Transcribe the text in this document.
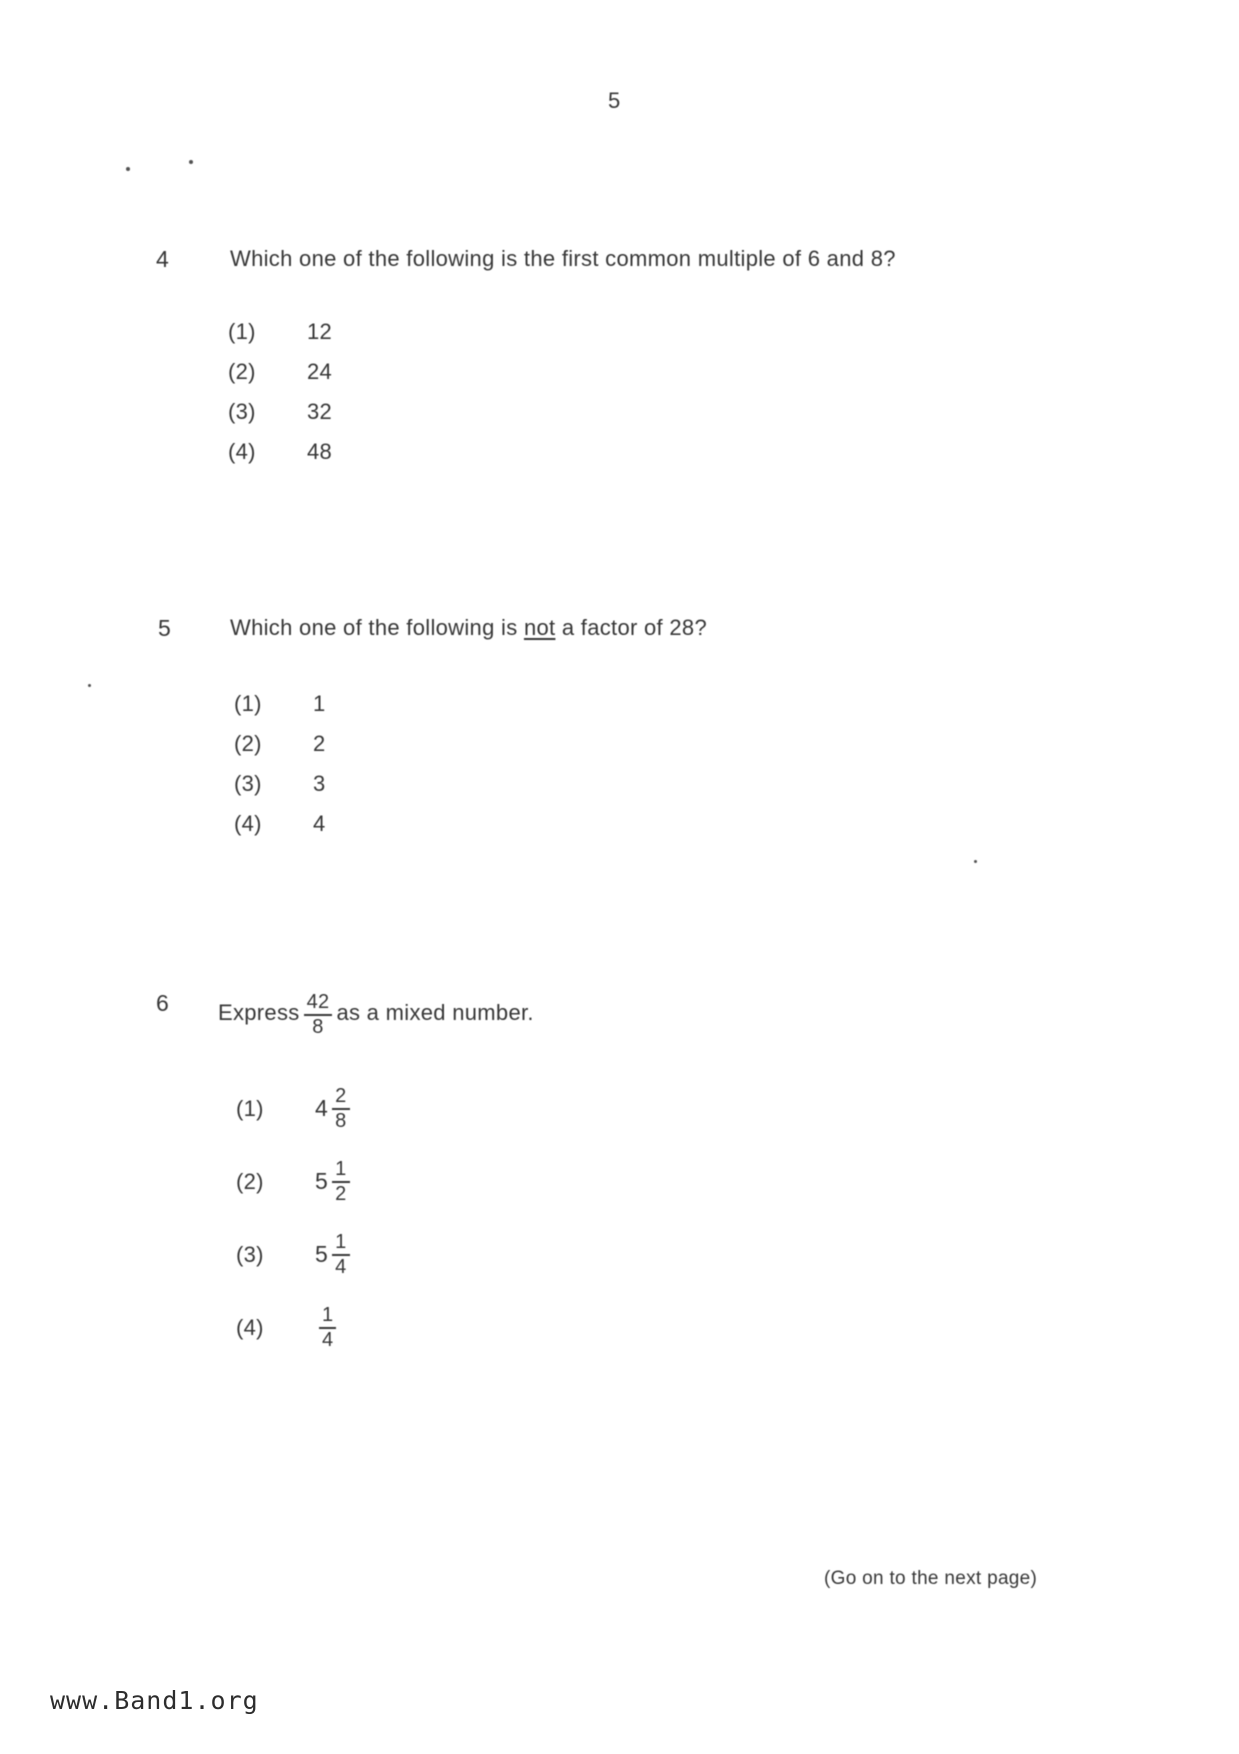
5
4	Which one of the following is the first common multiple of 6 and 8?
(1)	12
(2)	24
(3)	32
(4)	48
5	Which one of the following is not a factor of 28?
(1)	1
(2)	2
(3)	3
(4)	4
6 Express $\frac{42}{8}$ as a mixed number.
(1)	$4 \frac{2}{8}$
(2)	$5 \frac{1}{2}$
(3)	$5 \frac{1}{4}$
(4)	$\frac{1}{4}$
(Go on to the next page)
www.Band1.org
